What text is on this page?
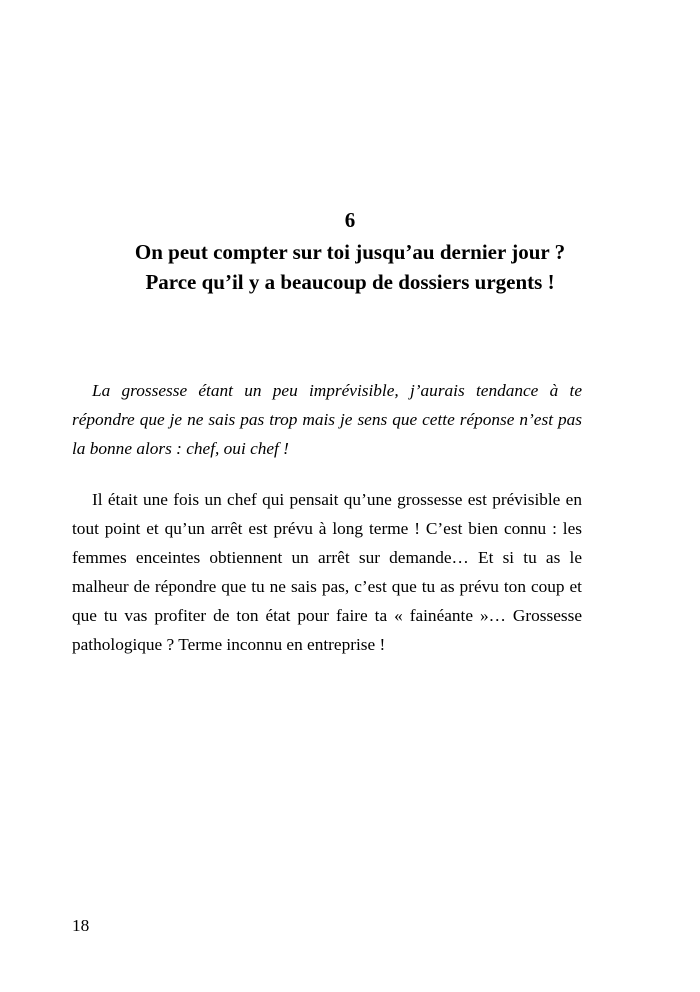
6

On peut compter sur toi jusqu’au dernier jour ?
Parce qu’il y a beaucoup de dossiers urgents !

La grossesse étant un peu imprévisible, j’aurais tendance à te répondre que je ne sais pas trop mais je sens que cette réponse n’est pas la bonne alors : chef, oui chef !

Il était une fois un chef qui pensait qu’une grossesse est prévisible en tout point et qu’un arrêt est prévu à long terme ! C’est bien connu : les femmes enceintes obtiennent un arrêt sur demande… Et si tu as le malheur de répondre que tu ne sais pas, c’est que tu as prévu ton coup et que tu vas profiter de ton état pour faire ta « fainéante »… Grossesse pathologique ? Terme inconnu en entreprise !

18
